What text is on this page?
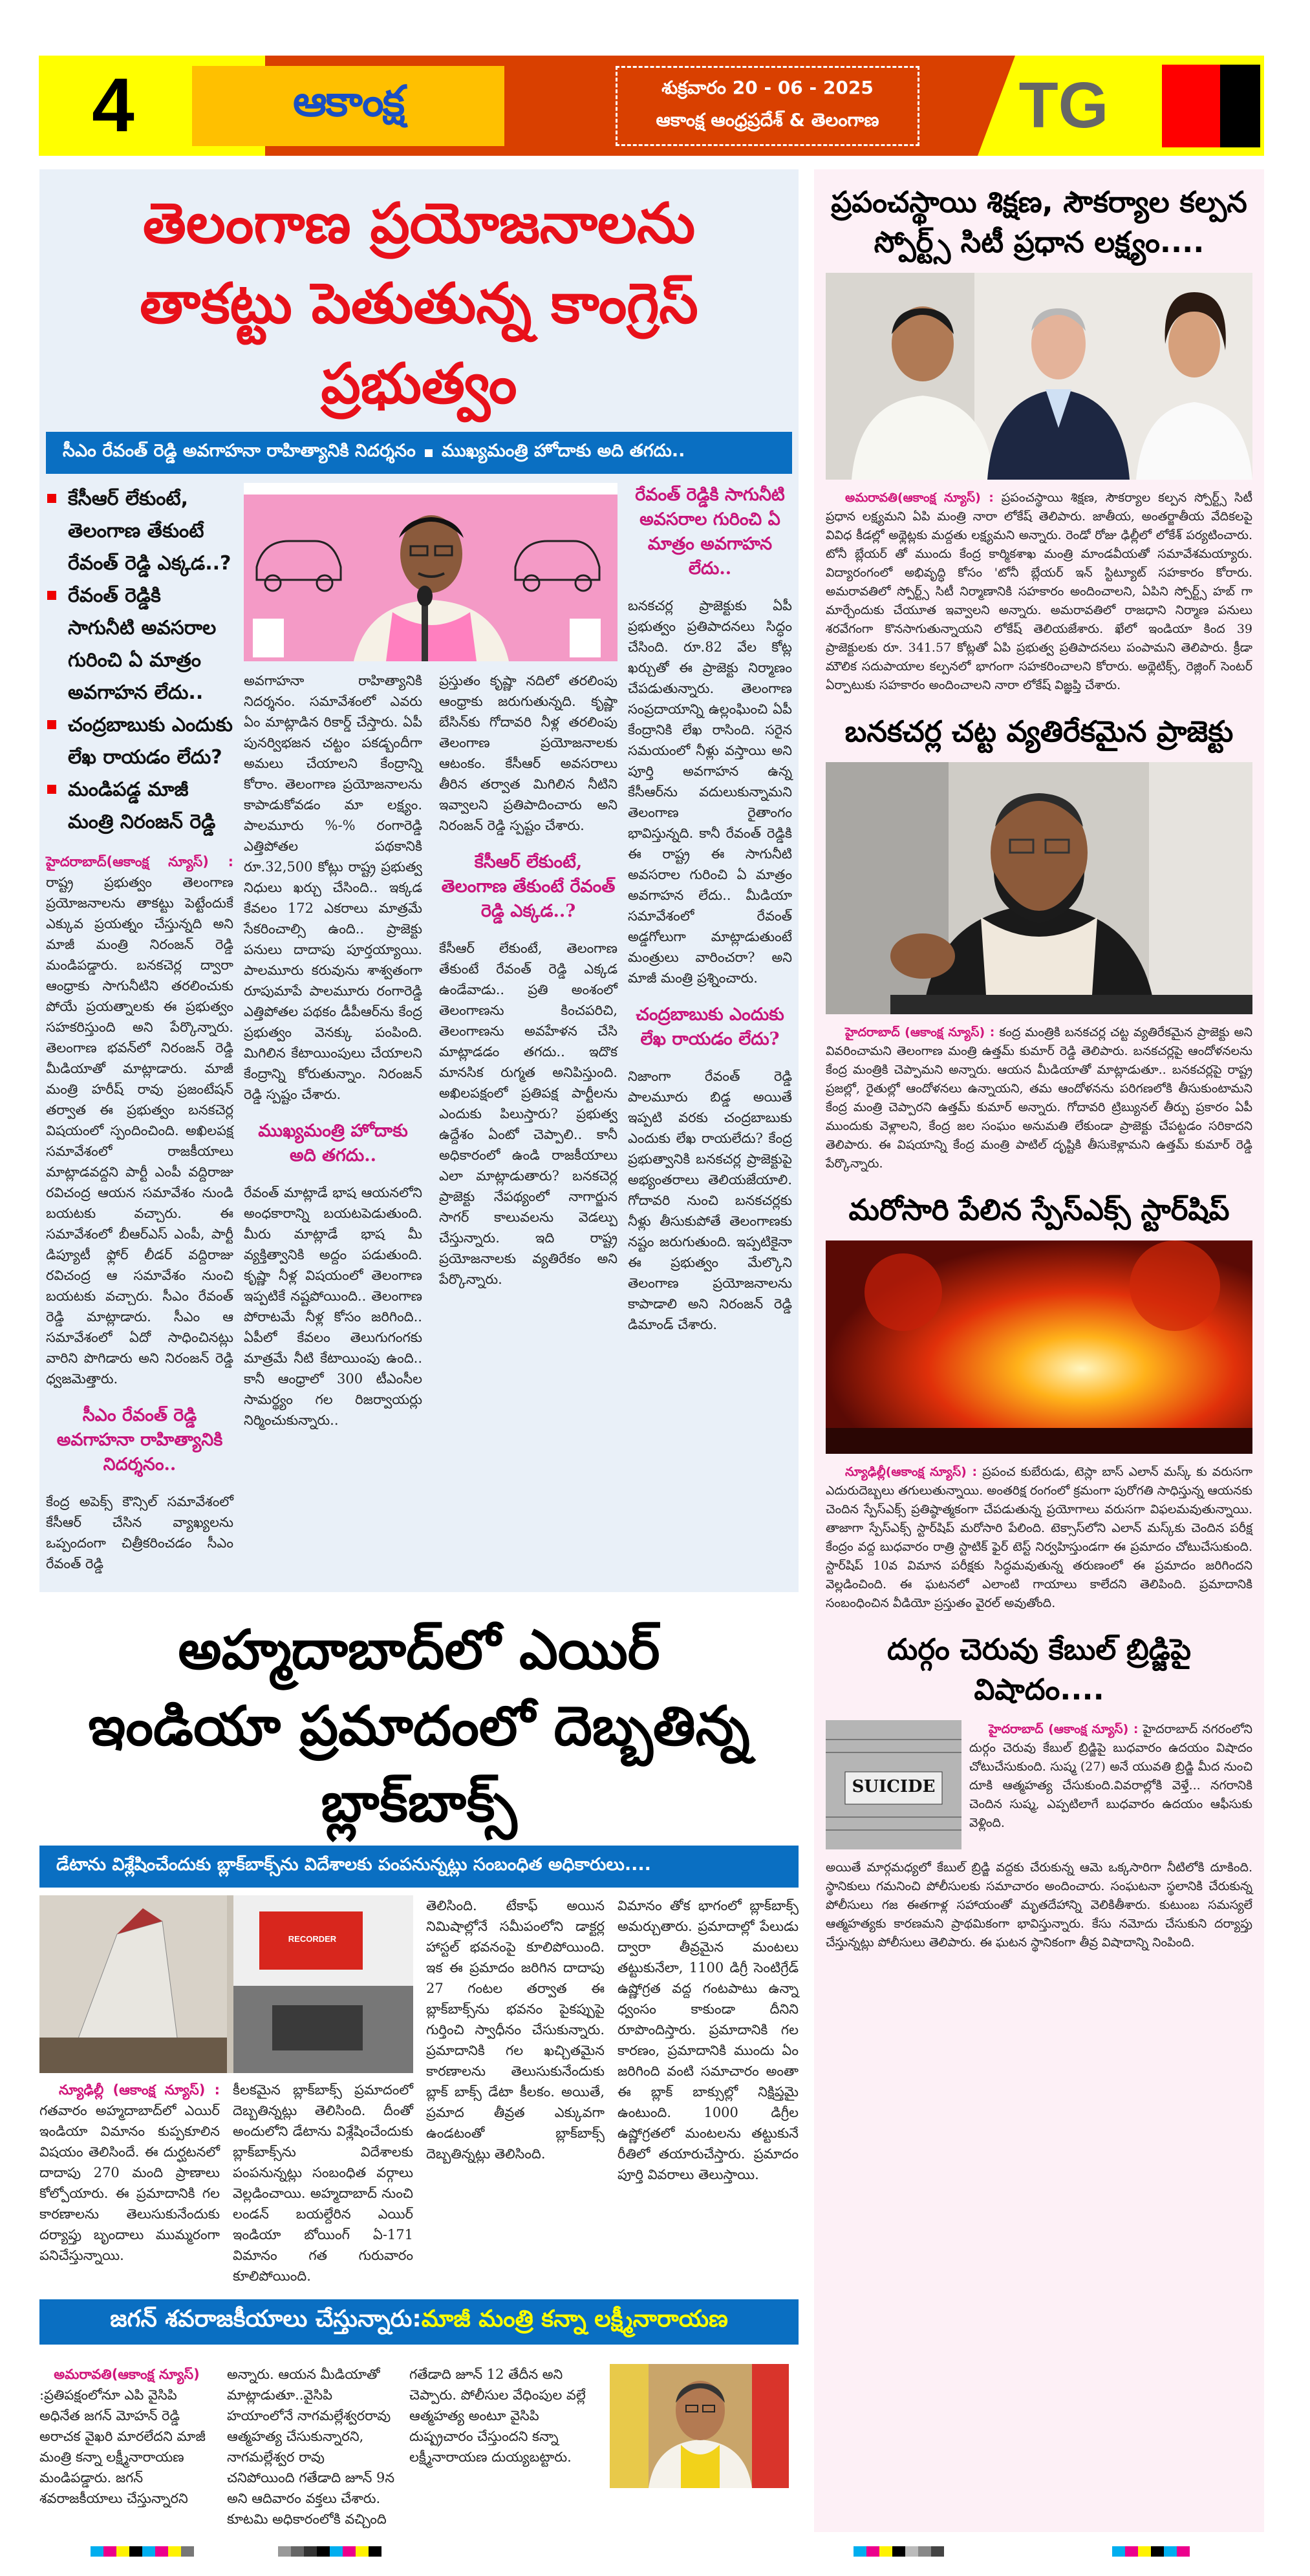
4	ఆకాంక్ష	శుక్రవారం 20 - 06 - 2025
ఆకాంక్ష ఆంధ్రప్రదేశ్ & తెలంగాణ TG
తెలంగాణ ప్రయోజనాలను
తాకట్టు పెతుతున్న కాంగ్రెస్ ప్రభుత్వం
సీఎం రేవంత్ రెడ్డి అవగాహనా రాహిత్యానికి నిదర్శనం ముఖ్యమంత్రి హోదాకు అది తగదు..
కేసీఆర్ లేకుంటే, తెలంగాణ తేకుంటే రేవంత్ రెడ్డి ఎక్కడ..?
రేవంత్ రెడ్డికి సాగునీటి అవసరాల గురించి ఏ మాత్రం అవగాహన లేదు..
చంద్రబాబుకు ఎందుకు లేఖ రాయడం లేదు?
మండిపడ్డ మాజీ మంత్రి నిరంజన్ రెడ్డి

హైదరాబాద్(ఆకాంక్ష న్యూస్) : రాష్ట్ర ప్రభుత్వం తెలంగాణ ప్రయోజనాలను తాకట్టు పెట్టేందుకే ఎక్కువ ప్రయత్నం చేస్తున్నది అని మాజీ మంత్రి నిరంజన్ రెడ్డి మండిపడ్డారు. బనకచెర్ల ద్వారా ఆంధ్రాకు సాగునీటిని తరలించుకు పోయే ప్రయత్నాలకు ఈ ప్రభుత్వం సహకరిస్తుంది అని పేర్కొన్నారు. తెలంగాణ భవన్‌లో నిరంజన్ రెడ్డి మీడియాతో మాట్లాడారు. మాజీ మంత్రి హరీష్ రావు ప్రజంటేషన్ తర్వాత ఈ ప్రభుత్వం బనకచెర్ల విషయంలో స్పందించింది. అఖిలపక్ష సమావేశంలో రాజకీయాలు మాట్లాడవద్దని పార్టీ ఎంపీ వద్దిరాజు రవిచంద్ర ఆయన సమావేశం నుండి బయటకు వచ్చారు. ఈ సమావేశంలో బీఆర్ఎస్ ఎంపీ, పార్టీ డిప్యూటీ ఫ్లోర్ లీడర్ వద్దిరాజు రవిచంద్ర ఆ సమావేశం నుంచి బయటకు వచ్చారు. సీఎం రేవంత్ రెడ్డి మాట్లాడారు. సీఎం ఆ సమావేశంలో ఏదో సాధించినట్లు వారిని పొగిడారు అని నిరంజన్ రెడ్డి ధ్వజమెత్తారు.

సీఎం రేవంత్ రెడ్డి అవగాహనా రాహిత్యానికి నిదర్శనం..

కేంద్ర అపెక్స్ కౌన్సిల్ సమావేశంలో కేసీఆర్ చేసిన వ్యాఖ్యలను ఒప్పందంగా చిత్రీకరించడం సీఎం రేవంత్ రెడ్డి

అవగాహనా రాహిత్యానికి నిదర్శనం. సమావేశంలో ఎవరు ఏం మాట్లాడిన రికార్డ్ చేస్తారు. ఏపీ పునర్విభజన చట్టం పకడ్బందీగా అమలు చేయాలని కేంద్రాన్ని కోరాం. తెలంగాణ ప్రయోజనాలను కాపాడుకోవడం మా లక్ష్యం. పాలమూరు %-% రంగారెడ్డి ఎత్తిపోతల పథకానికి రూ.32,500 కోట్లు రాష్ట్ర ప్రభుత్వ నిధులు ఖర్చు చేసింది.. ఇక్కడ కేవలం 172 ఎకరాలు మాత్రమే సేకరించాల్సి ఉంది.. ప్రాజెక్టు పనులు దాదాపు పూర్తయ్యాయి. పాలమూరు కరువును శాశ్వతంగా రూపుమాపే పాలమూరు రంగారెడ్డి ఎత్తిపోతల పథకం డీపీఆర్‌ను కేంద్ర ప్రభుత్వం వెనక్కు పంపింది. మిగిలిన కేటాయింపులు చేయాలని కేంద్రాన్ని కోరుతున్నాం. నిరంజన్ రెడ్డి స్పష్టం చేశారు.

ముఖ్యమంత్రి హోదాకు అది తగదు..

రేవంత్ మాట్లాడే భాష ఆయనలోని అంధకారాన్ని బయటపెడుతుంది. మీరు మాట్లాడే భాష మీ వ్యక్తిత్వానికి అద్దం పడుతుంది. కృష్ణా నీళ్ల విషయంలో తెలంగాణ ఇప్పటికే నష్టపోయింది.. తెలంగాణ పోరాటమే నీళ్ల కోసం జరిగింది.. ఏపీలో కేవలం తెలుగుగంగకు మాత్రమే నీటి కేటాయింపు ఉంది.. కానీ ఆంధ్రాలో 300 టీఎంసీల సామర్థ్యం గల రిజర్వాయర్లు నిర్మించుకున్నారు..

ప్రస్తుతం కృష్ణా నదిలో తరలింపు ఆంధ్రాకు జరుగుతున్నది. కృష్ణా బేసిన్‌కు గోదావరి నీళ్ల తరలింపు తెలంగాణ ప్రయోజనాలకు ఆటంకం. కేసీఆర్ అవసరాలు తీరిన తర్వాత మిగిలిన నీటిని ఇవ్వాలని ప్రతిపాదించారు అని నిరంజన్ రెడ్డి స్పష్టం చేశారు.

కేసీఆర్ లేకుంటే, తెలంగాణ తేకుంటే రేవంత్ రెడ్డి ఎక్కడ..?

కేసీఆర్ లేకుంటే, తెలంగాణ తేకుంటే రేవంత్ రెడ్డి ఎక్కడ ఉండేవాడు.. ప్రతి అంశంలో తెలంగాణను కించపరిచి, తెలంగాణను అవహేళన చేసి మాట్లాడడం తగదు.. ఇదొక మానసిక రుగ్మత అనిపిస్తుంది. అఖిలపక్షంలో ప్రతిపక్ష పార్టీలను ఎందుకు పిలుస్తారు? ప్రభుత్వ ఉద్దేశం ఏంటో చెప్పాలి.. కానీ అధికారంలో ఉండి రాజకీయాలు ఎలా మాట్లాడుతారు? బనకచెర్ల ప్రాజెక్టు నేపథ్యంలో నాగార్జున సాగర్ కాలువలను వెడల్పు చేస్తున్నారు. ఇది రాష్ట్ర ప్రయోజనాలకు వ్యతిరేకం అని పేర్కొన్నారు.

రేవంత్ రెడ్డికి సాగునీటి అవసరాల గురించి ఏ మాత్రం అవగాహన లేదు..

బనకచర్ల ప్రాజెక్టుకు ఏపీ ప్రభుత్వం ప్రతిపాదనలు సిద్ధం చేసింది. రూ.82 వేల కోట్ల ఖర్చుతో ఈ ప్రాజెక్టు నిర్మాణం చేపడుతున్నారు. తెలంగాణ సంప్రదాయాన్ని ఉల్లంఘించి ఏపీ కేంద్రానికి లేఖ రాసింది. సరైన సమయంలో నీళ్లు వస్తాయి అని పూర్తి అవగాహన ఉన్న కేసీఆర్‌ను వదులుకున్నామని తెలంగాణ రైతాంగం భావిస్తున్నది. కానీ రేవంత్ రెడ్డికి ఈ రాష్ట్ర ఈ సాగునీటి అవసరాల గురించి ఏ మాత్రం అవగాహన లేదు.. మీడియా సమావేశంలో రేవంత్ అడ్డగోలుగా మాట్లాడుతుంటే మంత్రులు వారించరా? అని మాజీ మంత్రి ప్రశ్నించారు.

చంద్రబాబుకు ఎందుకు లేఖ రాయడం లేదు?

నిజాంగా రేవంత్ రెడ్డి పాలమూరు బిడ్డ అయితే ఇప్పటి వరకు చంద్రబాబుకు ఎందుకు లేఖ రాయలేదు? కేంద్ర ప్రభుత్వానికి బనకచర్ల ప్రాజెక్టుపై అభ్యంతరాలు తెలియజేయాలి. గోదావరి నుంచి బనకచర్లకు నీళ్లు తీసుకుపోతే తెలంగాణకు నష్టం జరుగుతుంది. ఇప్పటికైనా ఈ ప్రభుత్వం మేల్కొని తెలంగాణ ప్రయోజనాలను కాపాడాలి అని నిరంజన్ రెడ్డి డిమాండ్ చేశారు.

అహ్మదాబాద్‌లో ఎయిర్
ఇండియా ప్రమాదంలో దెబ్బతిన్న బ్లాక్‌బాక్స్
డేటాను విశ్లేషించేందుకు బ్లాక్‌బాక్స్‌ను విదేశాలకు పంపనున్నట్లు సంబంధిత అధికారులు....
RECORDER

న్యూఢిల్లీ (ఆకాంక్ష న్యూస్) : గతవారం అహ్మదాబాద్‌లో ఎయిర్ ఇండియా విమానం కుప్పకూలిన విషయం తెలిసిందే. ఈ దుర్ఘటనలో దాదాపు 270 మంది ప్రాణాలు కోల్పోయారు. ఈ ప్రమాదానికి గల కారణాలను తెలుసుకునేందుకు దర్యాప్తు బృందాలు ముమ్మరంగా పనిచేస్తున్నాయి.

కీలకమైన బ్లాక్‌బాక్స్ ప్రమాదంలో దెబ్బతిన్నట్లు తెలిసింది. దీంతో అందులోని డేటాను విశ్లేషించేందుకు బ్లాక్‌బాక్స్‌ను విదేశాలకు పంపనున్నట్లు సంబంధిత వర్గాలు వెల్లడించాయి. అహ్మదాబాద్ నుంచి లండన్ బయల్దేరిన ఎయిర్ ఇండియా బోయింగ్ ఏ-171 విమానం గత గురువారం కూలిపోయింది.

తెలిసింది. టేకాఫ్ అయిన నిమిషాల్లోనే సమీపంలోని డాక్టర్ల హాస్టల్ భవనంపై కూలిపోయింది. ఇక ఈ ప్రమాదం జరిగిన దాదాపు 27 గంటల తర్వాత ఈ బ్లాక్‌బాక్స్‌ను భవనం పైకప్పుపై గుర్తించి స్వాధీనం చేసుకున్నారు. ప్రమాదానికి గల ఖచ్చితమైన కారణాలను తెలుసుకునేందుకు బ్లాక్ బాక్స్ డేటా కీలకం. అయితే, ప్రమాద తీవ్రత ఎక్కువగా ఉండటంతో బ్లాక్‌బాక్స్ దెబ్బతిన్నట్లు తెలిసింది.

విమానం తోక భాగంలో బ్లాక్‌బాక్స్ అమర్చుతారు. ప్రమాదాల్లో పేలుడు ద్వారా తీవ్రమైన మంటలు తట్టుకునేలా, 1100 డిగ్రీ సెంటిగ్రేడ్ ఉష్ణోగ్రత వద్ద గంటపాటు ఉన్నా ధ్వంసం కాకుండా దీనిని రూపొందిస్తారు. ప్రమాదానికి గల కారణం, ప్రమాదానికి ముందు ఏం జరిగింది వంటి సమాచారం అంతా ఈ బ్లాక్ బాక్సుల్లో నిక్షిప్తమై ఉంటుంది. 1000 డిగ్రీల ఉష్ణోగ్రతలో మంటలను తట్టుకునే రీతిలో తయారుచేస్తారు. ప్రమాదం పూర్తి వివరాలు తెలుస్తాయి.

జగన్ శవరాజకీయాలు చేస్తున్నారు: మాజీ మంత్రి కన్నా లక్ష్మీనారాయణ
అమరావతి(ఆకాంక్ష న్యూస్)

:ప్రతిపక్షంలోనూ ఎపి వైసిపి అధినేత జగన్ మోహన్ రెడ్డి అరాచక వైఖరి మారలేదని మాజీ మంత్రి కన్నా లక్ష్మీనారాయణ మండిపడ్డారు. జగన్ శవరాజకీయాలు చేస్తున్నారని

అన్నారు. ఆయన మీడియాతో మాట్లాడుతూ..వైసిపి హయాంలోనే నాగమల్లేశ్వరరావు ఆత్మహత్య చేసుకున్నారని, నాగమల్లేశ్వర రావు చనిపోయింది గతేడాది జూన్ 9న అని ఆదివారం వక్తలు చేశారు. కూటమి అధికారంలోకి వచ్చింది

గతేడాది జూన్ 12 తేదీన అని చెప్పారు. పోలీసుల వేధింపుల వల్లే ఆత్మహత్య అంటూ వైసిపి దుష్ప్రచారం చేస్తుందని కన్నా లక్ష్మీనారాయణ దుయ్యబట్టారు.

ప్రపంచస్థాయి శిక్షణ, సౌకర్యాల కల్పన స్పోర్ట్స్ సిటీ ప్రధాన లక్ష్యం....

అమరావతి(ఆకాంక్ష న్యూస్) : ప్రపంచస్థాయి శిక్షణ, సౌకర్యాల కల్పన స్పోర్ట్స్ సిటీ ప్రధాన లక్ష్యమని ఏపి మంత్రి నారా లోకేష్ తెలిపారు. జాతీయ, అంతర్జాతీయ వేదికలపై వివిధ కీడల్లో అథ్లెట్లకు మద్దతు లక్ష్యమని అన్నారు. రెండో రోజు ఢిల్లీలో లోకేశ్ పర్యటించారు. టోనీ బ్లేయర్ తో ముందు కేంద్ర కార్మికశాఖ మంత్రి మాండవీయతో సమావేశమయ్యారు. విద్యారంగంలో అభివృద్ధి కోసం 'టోనీ బ్లేయర్ ఇన్ స్టిట్యూట్ సహకారం కోరారు. అమరావతిలో స్పోర్ట్స్ సిటీ నిర్మాణానికి సహకారం అందించాలని, ఏపిని స్పోర్ట్స్ హబ్ గా మార్చేందుకు చేయూత ఇవ్వాలని అన్నారు. అమరావతిలో రాజధాని నిర్మాణ పనులు శరవేగంగా కొనసాగుతున్నాయని లోకేష్ తెలియజేశారు. ఖేలో ఇండియా కింద 39 ప్రాజెక్టులకు రూ. 341.57 కోట్లతో ఏపి ప్రభుత్వ ప్రతిపాదనలు పంపామని తెలిపారు. క్రీడా మౌలిక సదుపాయాల కల్పనలో భాగంగా సహకరించాలని కోరారు. అథ్లెటిక్స్, రెజ్లింగ్ సెంటర్ ఏర్పాటుకు సహకారం అందించాలని నారా లోకేష్ విజ్ఞప్తి చేశారు.

బనకచర్ల చట్ట వ్యతిరేకమైన ప్రాజెక్టు

హైదరాబాద్ (ఆకాంక్ష న్యూస్) : కంద్ర మంత్రికి బనకచర్ల చట్ట వ్యతిరేకమైన ప్రాజెక్టు అని వివరించామని తెలంగాణ మంత్రి ఉత్తమ్ కుమార్ రెడ్డి తెలిపారు. బనకచర్లపై ఆందోళనలను కేంద్ర మంత్రికి చెప్పామని అన్నారు. ఆయన మీడియాతో మాట్లాడుతూ.. బనకచర్లపై రాష్ట్ర ప్రజల్లో, రైతుల్లో ఆందోళనలు ఉన్నాయని, తమ ఆందోళనను పరిగణలోకి తీసుకుంటామని కేంద్ర మంత్రి చెప్పారని ఉత్తమ్ కుమార్ అన్నారు. గోదావరి ట్రిబ్యునల్ తీర్పు ప్రకారం ఏపీ ముందుకు వెళ్లాలని, కేంద్ర జల సంఘం అనుమతి లేకుండా ప్రాజెక్టు చేపట్టడం సరికాదని తెలిపారు. ఈ విషయాన్ని కేంద్ర మంత్రి పాటిల్ దృష్టికి తీసుకెళ్లామని ఉత్తమ్ కుమార్ రెడ్డి పేర్కొన్నారు.

మరోసారి పేలిన స్పేస్‌ఎక్స్ స్టార్‌షిప్

న్యూఢిల్లీ(ఆకాంక్ష న్యూస్) : ప్రపంచ కుబేరుడు, టెస్లా బాస్ ఎలాన్ మస్క్ కు వరుసగా ఎదురుదెబ్బలు తగులుతున్నాయి. అంతరిక్ష రంగంలో క్రమంగా పురోగతి సాధిస్తున్న ఆయనకు చెందిన స్పేస్‌ఎక్స్ ప్రతిష్ఠాత్మకంగా చేపడుతున్న ప్రయోగాలు వరుసగా విఫలమవుతున్నాయి. తాజాగా స్పేస్‌ఎక్స్ స్టార్‌షిప్ మరోసారి పేలింది. టెక్సాస్‌లోని ఎలాన్ మస్క్‌కు చెందిన పరీక్ష కేంద్రం వద్ద బుధవారం రాత్రి స్టాటిక్ ఫైర్ టెస్ట్ నిర్వహిస్తుండగా ఈ ప్రమాదం చోటుచేసుకుంది. స్టార్‌షిప్ 10వ విమాన పరీక్షకు సిద్ధమవుతున్న తరుణంలో ఈ ప్రమాదం జరిగిందని వెల్లడించింది. ఈ ఘటనలో ఎలాంటి గాయాలు కాలేదని తెలిపింది. ప్రమాదానికి సంబంధించిన వీడియో ప్రస్తుతం వైరల్ అవుతోంది.

దుర్గం చెరువు కేబుల్ బ్రిడ్జిపై విషాదం....
SUICIDE

హైదరాబాద్ (ఆకాంక్ష న్యూస్) : హైదరాబాద్ నగరంలోని దుర్గం చెరువు కేబుల్ బ్రిడ్జిపై బుధవారం ఉదయం విషాదం చోటుచేసుకుంది. సుష్మ (27) అనే యువతి బ్రిడ్జి మీద నుంచి దూకి ఆత్మహత్య చేసుకుంది.వివరాల్లోకి వెళ్తే... నగరానికి చెందిన సుష్మ, ఎప్పటిలాగే బుధవారం ఉదయం ఆఫీసుకు వెళ్లింది.

అయితే మార్గమధ్యలో కేబుల్ బ్రిడ్జి వద్దకు చేరుకున్న ఆమె ఒక్కసారిగా నీటిలోకి దూకింది. స్థానికులు గమనించి పోలీసులకు సమాచారం అందించారు. సంఘటనా స్థలానికి చేరుకున్న పోలీసులు గజ ఈతగాళ్ల సహాయంతో మృతదేహాన్ని వెలికితీశారు. కుటుంబ సమస్యలే ఆత్మహత్యకు కారణమని ప్రాథమికంగా భావిస్తున్నారు. కేసు నమోదు చేసుకుని దర్యాప్తు చేస్తున్నట్లు పోలీసులు తెలిపారు. ఈ ఘటన స్థానికంగా తీవ్ర విషాదాన్ని నింపింది.
